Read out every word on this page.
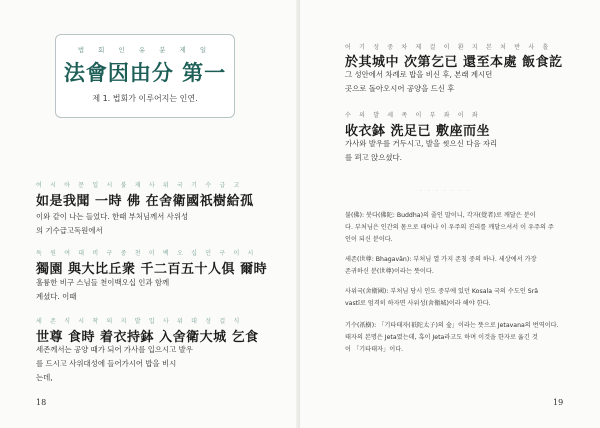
법 회 인 유 분 제 일
法會因由分 第一
제 1. 법회가 이루어지는 인연.
여 시 아 문 일 시 불 재 사 위 국 기 수 급 고
如是我聞 一時 佛 在舍衛國祇樹給孤
이와 같이 나는 들었다. 한때 부처님께서 사위성
의 기수급고독원에서
독 원 여 대 비 구 중 천 이 백 오 십 인 구 이 시
獨園 與大比丘衆 千二百五十人俱 爾時
훌륭한 비구 스님들 천이백오십 인과 함께
계셨다. 이때
세 존 식 시 착 의 지 발 입 사 위 대 성 걸 식
世尊 食時 着衣持鉢 入舍衛大城 乞食
세존께서는 공양 때가 되어 가사를 입으시고 발우
를 드시고 사위대성에 들어가시어 밥을 비시
는데,
18
어 기 성 중 차 제 걸 이 환 지 본 처 반 사 흘
於其城中 次第乞已 還至本處 飯食訖
그 성안에서 차례로 밥을 비신 후, 본래 계시던
곳으로 돌아오시어 공양을 드신 후
수 의 발 세 족 이 부 좌 이 좌
收衣鉢 洗足已 敷座而坐
가사와 발우를 거두시고, 발을 씻으신 다음 자리
를 펴고 앉으셨다.
· · · · · · ·
불(佛): 붓다(佛陀: Buddha)의 줄인 말이니, 각자(覺者)로 깨달은 분이
다. 부처님은 인간의 몸으로 태어나 이 우주의 진리를 깨달으셔서 이 우주의 주
인이 되신 분이다.
세존(世尊: Bhagavān): 부처님 열 가지 존칭 중의 하나. 세상에서 가장
존귀하신 분(世尊)이라는 뜻이다.
사위국(舍衛國): 부처님 당시 인도 중부에 있던 Kosala 국의 수도인 Srā
vastī로 엄격히 하자면 사위성(舍衛城)이라 해야 한다.
기수(祇樹): 「기타태자(祇陀太子)의 숲」이라는 뜻으로 Jetavana의 번역이다.
태자의 본명은 Jeta였는데, 혹이 Jeta라고도 하며 이것을 한자로 옮긴 것
이 「기타태자」이다.
19
